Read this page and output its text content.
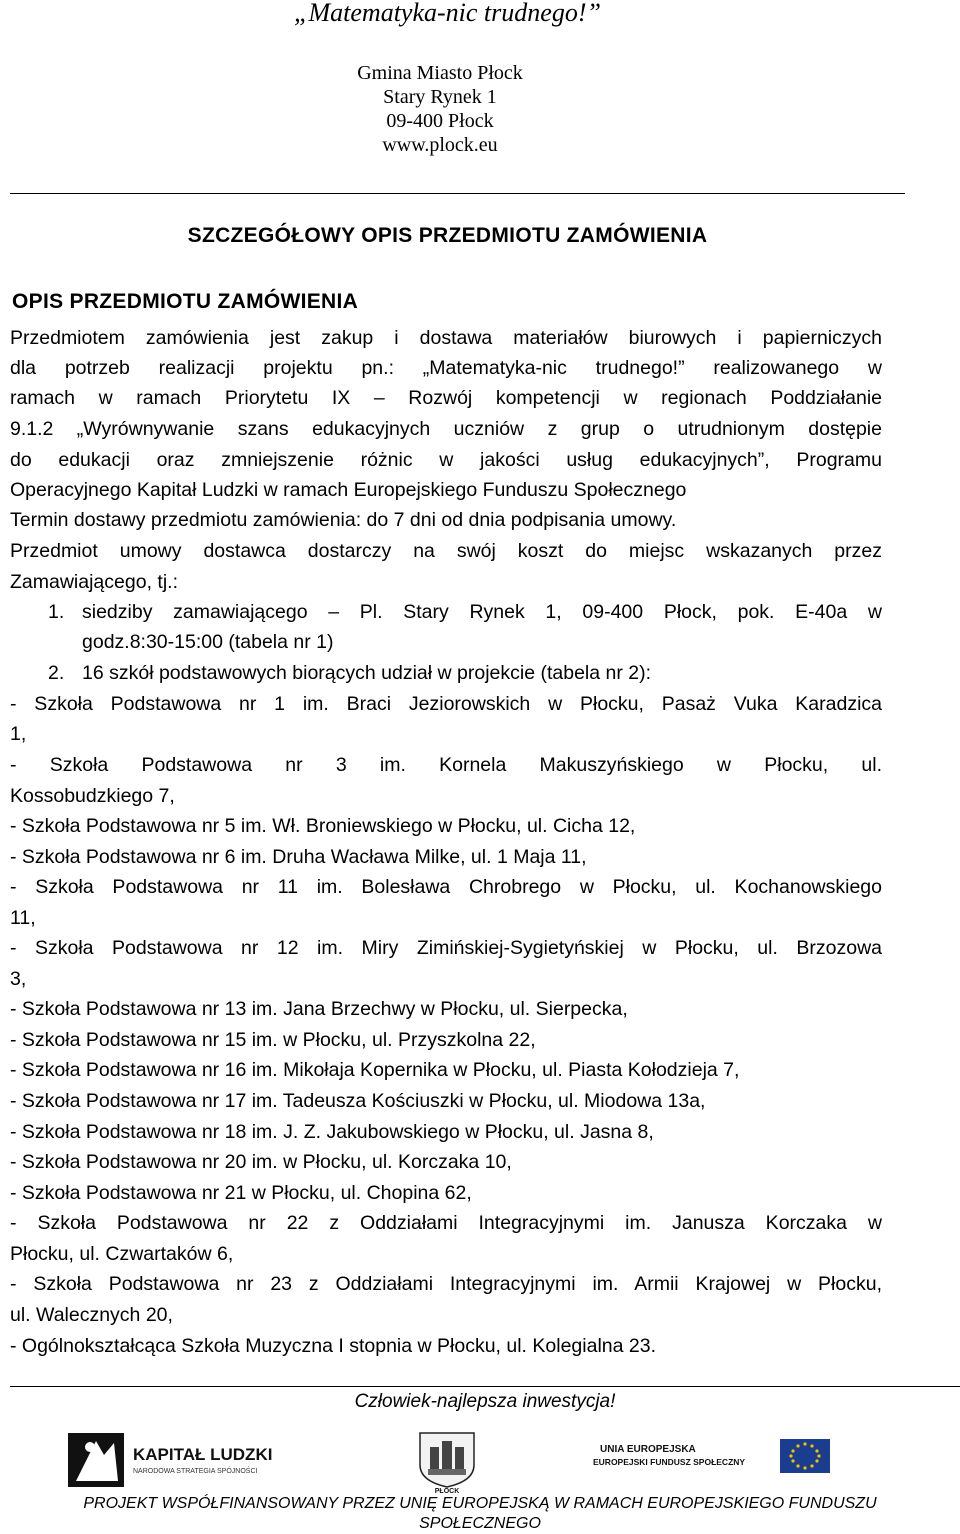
„Matematyka-nic trudnego!”
Gmina Miasto Płock
Stary Rynek 1
09-400 Płock
www.plock.eu
SZCZEGÓŁOWY OPIS PRZEDMIOTU ZAMÓWIENIA
OPIS PRZEDMIOTU ZAMÓWIENIA
Przedmiotem zamówienia jest zakup i dostawa materiałów biurowych i papierniczych
dla potrzeb realizacji projektu pn.: „Matematyka-nic trudnego!” realizowanego w
ramach w ramach Priorytetu IX – Rozwój kompetencji w regionach Poddziałanie
9.1.2 „Wyrównywanie szans edukacyjnych uczniów z grup o utrudnionym dostępie
do edukacji oraz zmniejszenie różnic w jakości usług edukacyjnych”, Programu
Operacyjnego Kapitał Ludzki w ramach Europejskiego Funduszu Społecznego
Termin dostawy przedmiotu zamówienia: do 7 dni od dnia podpisania umowy.
Przedmiot umowy dostawca dostarczy na swój koszt do miejsc wskazanych przez
Zamawiającego, tj.:
1. siedziby zamawiającego – Pl. Stary Rynek 1, 09-400 Płock, pok. E-40a w
godz.8:30-15:00 (tabela nr 1)
2. 16 szkół podstawowych biorących udział w projekcie (tabela nr 2):
- Szkoła Podstawowa nr 1 im. Braci Jeziorowskich w Płocku, Pasaż Vuka Karadzica
1,
- Szkoła Podstawowa nr 3 im. Kornela Makuszyńskiego w Płocku, ul.
Kossobudzkiego 7,
- Szkoła Podstawowa nr 5 im. Wł. Broniewskiego w Płocku, ul. Cicha 12,
- Szkoła Podstawowa nr 6 im. Druha Wacława Milke, ul. 1 Maja 11,
- Szkoła Podstawowa nr 11 im. Bolesława Chrobrego w Płocku, ul. Kochanowskiego
11,
- Szkoła Podstawowa nr 12 im. Miry Zimińskiej-Sygietyńskiej w Płocku, ul. Brzozowa
3,
- Szkoła Podstawowa nr 13 im. Jana Brzechwy w Płocku, ul. Sierpecka,
- Szkoła Podstawowa nr 15 im. w Płocku, ul. Przyszkolna 22,
- Szkoła Podstawowa nr 16 im. Mikołaja Kopernika w Płocku, ul. Piasta Kołodzieja 7,
- Szkoła Podstawowa nr 17 im. Tadeusza Kościuszki w Płocku, ul. Miodowa 13a,
- Szkoła Podstawowa nr 18 im. J. Z. Jakubowskiego w Płocku, ul. Jasna 8,
- Szkoła Podstawowa nr 20 im. w Płocku, ul. Korczaka 10,
- Szkoła Podstawowa nr 21 w Płocku, ul. Chopina 62,
- Szkoła Podstawowa nr 22 z Oddziałami Integracyjnymi im. Janusza Korczaka w
Płocku, ul. Czwartaków 6,
- Szkoła Podstawowa nr 23 z Oddziałami Integracyjnymi im. Armii Krajowej w Płocku,
ul. Walecznych 20,
- Ogólnokształcąca Szkoła Muzyczna I stopnia w Płocku, ul. Kolegialna 23.
Człowiek-najlepsza inwestycja!
KAPITAŁ LUDZKI
NARODOWA STRATEGIA SPÓJNOŚCI
PŁOCK
UNIA EUROPEJSKA
EUROPEJSKI FUNDUSZ SPOŁECZNY
PROJEKT WSPÓŁFINANSOWANY PRZEZ UNIĘ EUROPEJSKĄ W RAMACH EUROPEJSKIEGO FUNDUSZU
SPOŁECZNEGO
